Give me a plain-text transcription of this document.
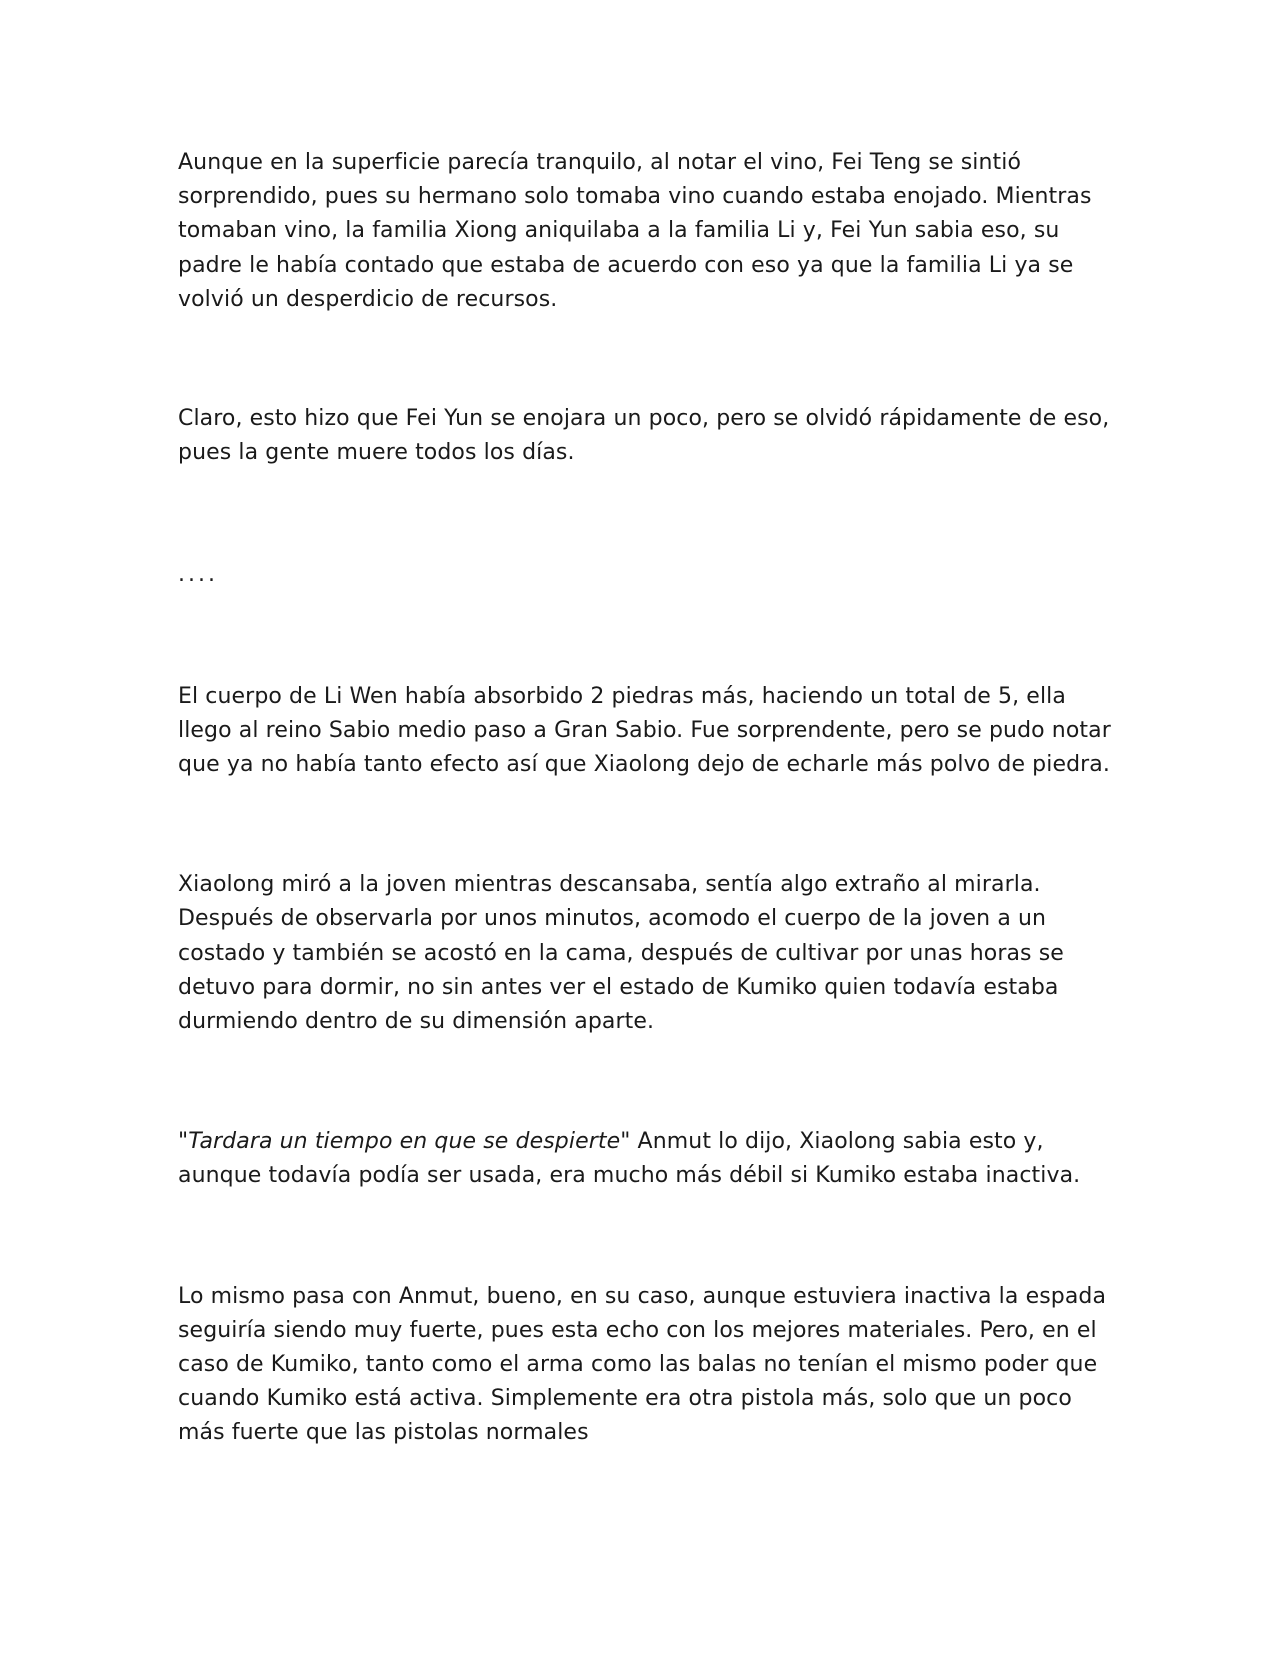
Aunque en la superficie parecía tranquilo, al notar el vino, Fei Teng se sintió sorprendido, pues su hermano solo tomaba vino cuando estaba enojado. Mientras tomaban vino, la familia Xiong aniquilaba a la familia Li y, Fei Yun sabia eso, su padre le había contado que estaba de acuerdo con eso ya que la familia Li ya se volvió un desperdicio de recursos.

Claro, esto hizo que Fei Yun se enojara un poco, pero se olvidó rápidamente de eso, pues la gente muere todos los días.

....

El cuerpo de Li Wen había absorbido 2 piedras más, haciendo un total de 5, ella llego al reino Sabio medio paso a Gran Sabio. Fue sorprendente, pero se pudo notar que ya no había tanto efecto así que Xiaolong dejo de echarle más polvo de piedra.

Xiaolong miró a la joven mientras descansaba, sentía algo extraño al mirarla. Después de observarla por unos minutos, acomodo el cuerpo de la joven a un costado y también se acostó en la cama, después de cultivar por unas horas se detuvo para dormir, no sin antes ver el estado de Kumiko quien todavía estaba durmiendo dentro de su dimensión aparte.

"Tardara un tiempo en que se despierte" Anmut lo dijo, Xiaolong sabia esto y, aunque todavía podía ser usada, era mucho más débil si Kumiko estaba inactiva.

Lo mismo pasa con Anmut, bueno, en su caso, aunque estuviera inactiva la espada seguiría siendo muy fuerte, pues esta echo con los mejores materiales. Pero, en el caso de Kumiko, tanto como el arma como las balas no tenían el mismo poder que cuando Kumiko está activa. Simplemente era otra pistola más, solo que un poco más fuerte que las pistolas normales
